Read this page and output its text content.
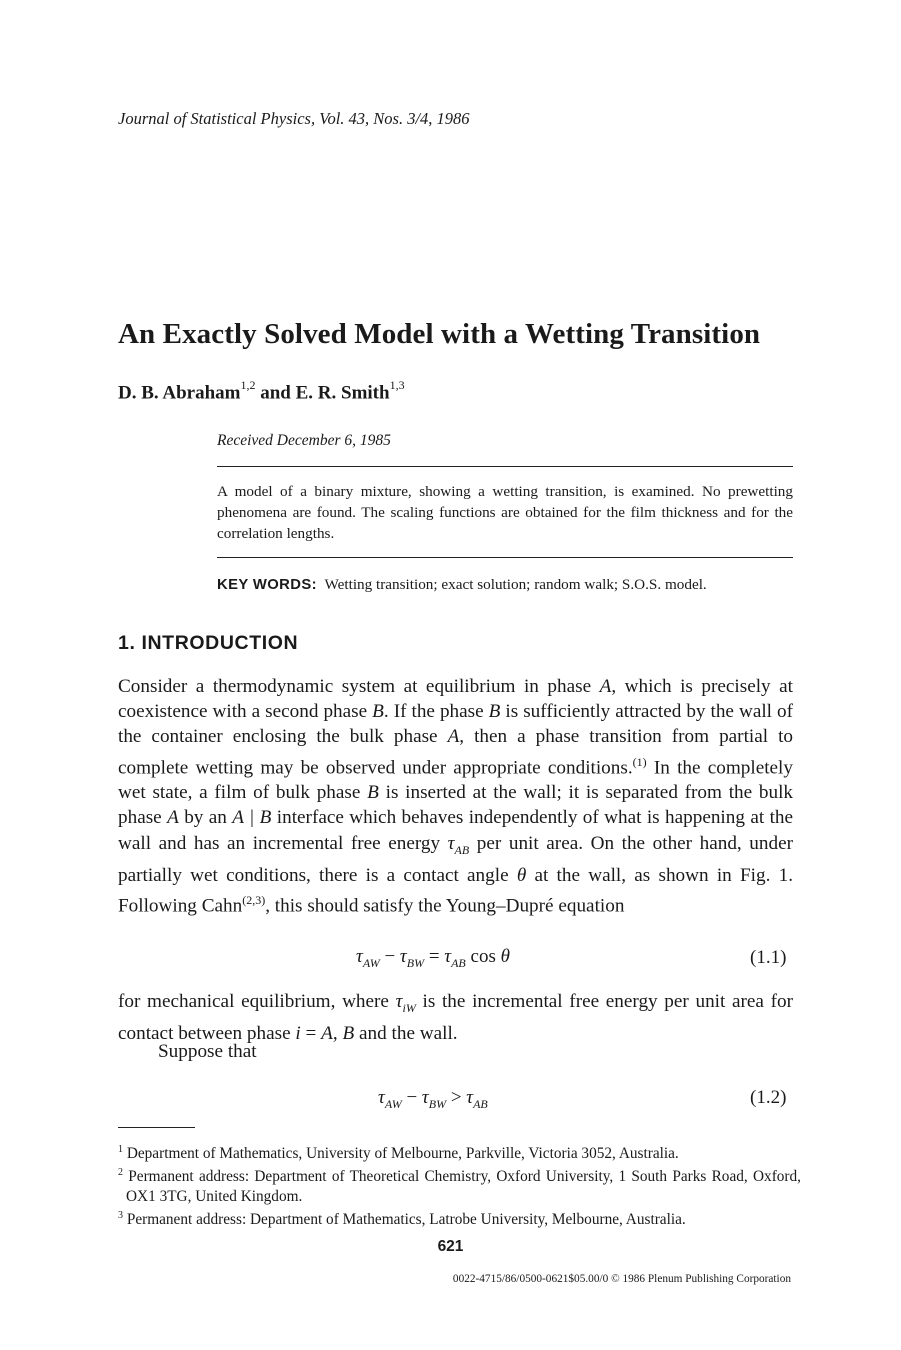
Journal of Statistical Physics, Vol. 43, Nos. 3/4, 1986
An Exactly Solved Model with a Wetting Transition
D. B. Abraham$^{1,2}$ and E. R. Smith$^{1,3}$
Received December 6, 1985
A model of a binary mixture, showing a wetting transition, is examined. No prewetting phenomena are found. The scaling functions are obtained for the film thickness and for the correlation lengths.
KEY WORDS: Wetting transition; exact solution; random walk; S.O.S. model.
1. INTRODUCTION
Consider a thermodynamic system at equilibrium in phase A, which is precisely at coexistence with a second phase B. If the phase B is sufficiently attracted by the wall of the container enclosing the bulk phase A, then a phase transition from partial to complete wetting may be observed under appropriate conditions.$^{(1)}$ In the completely wet state, a film of bulk phase B is inserted at the wall; it is separated from the bulk phase A by an A | B interface which behaves independently of what is happening at the wall and has an incremental free energy $\tau_{AB}$ per unit area. On the other hand, under partially wet conditions, there is a contact angle θ at the wall, as shown in Fig. 1. Following Cahn$^{(2,3)}$, this should satisfy the Young–Dupré equation
$\tau_{AW} - \tau_{BW} = \tau_{AB}$ cos θ	(1.1)
for mechanical equilibrium, where $\tau_{iW}$ is the incremental free energy per unit area for contact between phase i = A, B and the wall.
Suppose that
$\tau_{AW} - \tau_{BW} > \tau_{AB}$	(1.2)
$^1$ Department of Mathematics, University of Melbourne, Parkville, Victoria 3052, Australia.
$^2$ Permanent address: Department of Theoretical Chemistry, Oxford University, 1 South Parks Road, Oxford, OX1 3TG, United Kingdom.
$^3$ Permanent address: Department of Mathematics, Latrobe University, Melbourne, Australia.
621
0022-4715/86/0500-0621$05.00/0 © 1986 Plenum Publishing Corporation
